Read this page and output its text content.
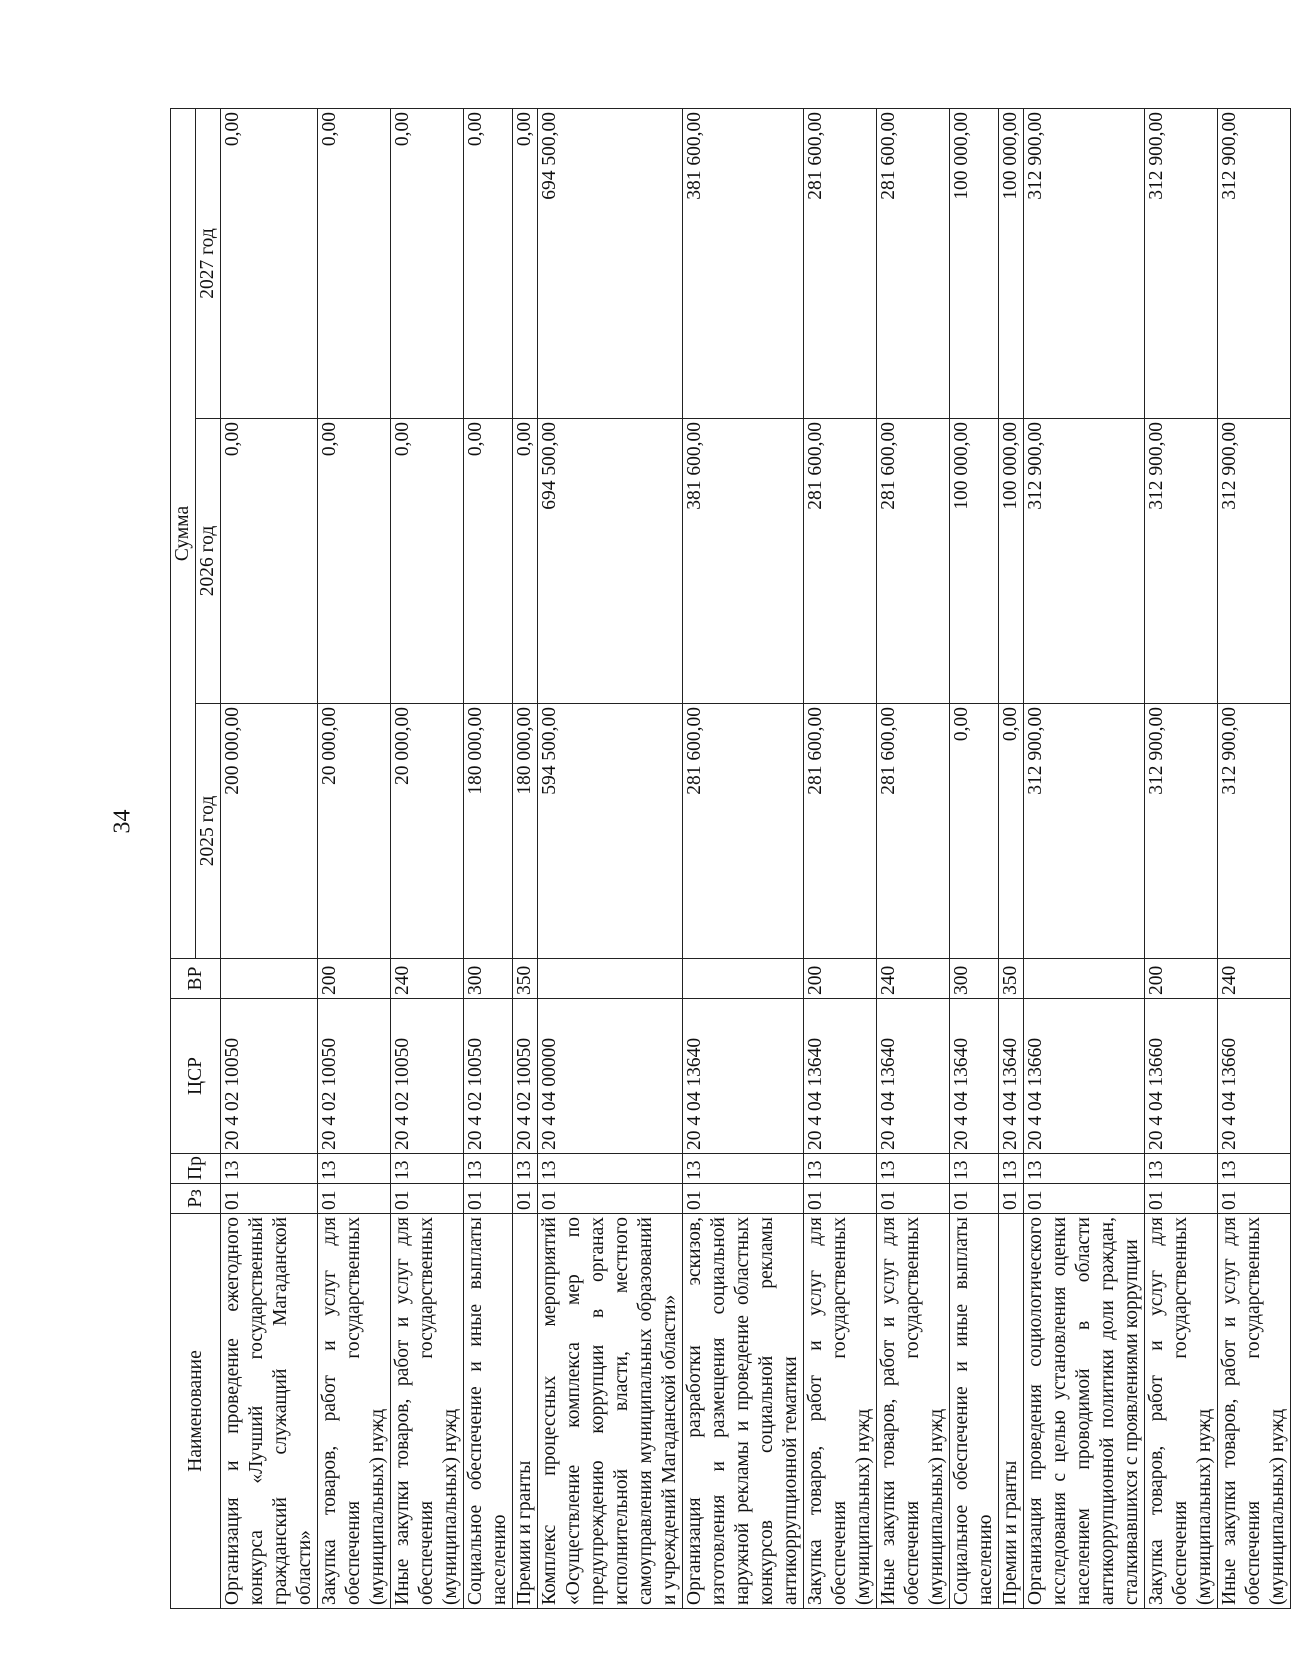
34
Наименование	Рз	Пр	ЦСР	ВР	Сумма		
					2025 год	2026 год	2027 год
Организация и проведение ежегодного конкурса «Лучший государственный гражданский служащий Магаданской области»	01	13	20 4 02 10050		200 000,00	0,00	0,00
Закупка товаров, работ и услуг для обеспечения государственных (муниципальных) нужд	01	13	20 4 02 10050	200	20 000,00	0,00	0,00
Иные закупки товаров, работ и услуг для обеспечения государственных (муниципальных) нужд	01	13	20 4 02 10050	240	20 000,00	0,00	0,00
Социальное обеспечение и иные выплаты населению	01	13	20 4 02 10050	300	180 000,00	0,00	0,00
Премии и гранты	01	13	20 4 02 10050	350	180 000,00	0,00	0,00
Комплекс процессных мероприятий «Осуществление комплекса мер по предупреждению коррупции в органах исполнительной власти, местного самоуправления муниципальных образований и учреждений Магаданской области»	01	13	20 4 04 00000		594 500,00	694 500,00	694 500,00
Организация разработки эскизов, изготовления и размещения социальной наружной рекламы и проведение областных конкурсов социальной рекламы антикоррупционной тематики	01	13	20 4 04 13640		281 600,00	381 600,00	381 600,00
Закупка товаров, работ и услуг для обеспечения государственных (муниципальных) нужд	01	13	20 4 04 13640	200	281 600,00	281 600,00	281 600,00
Иные закупки товаров, работ и услуг для обеспечения государственных (муниципальных) нужд	01	13	20 4 04 13640	240	281 600,00	281 600,00	281 600,00
Социальное обеспечение и иные выплаты населению	01	13	20 4 04 13640	300	0,00	100 000,00	100 000,00
Премии и гранты	01	13	20 4 04 13640	350	0,00	100 000,00	100 000,00
Организация проведения социологического исследования с целью установления оценки населением проводимой в области антикоррупционной политики доли граждан, сталкивавшихся с проявлениями коррупции	01	13	20 4 04 13660		312 900,00	312 900,00	312 900,00
Закупка товаров, работ и услуг для обеспечения государственных (муниципальных) нужд	01	13	20 4 04 13660	200	312 900,00	312 900,00	312 900,00
Иные закупки товаров, работ и услуг для обеспечения государственных (муниципальных) нужд	01	13	20 4 04 13660	240	312 900,00	312 900,00	312 900,00
